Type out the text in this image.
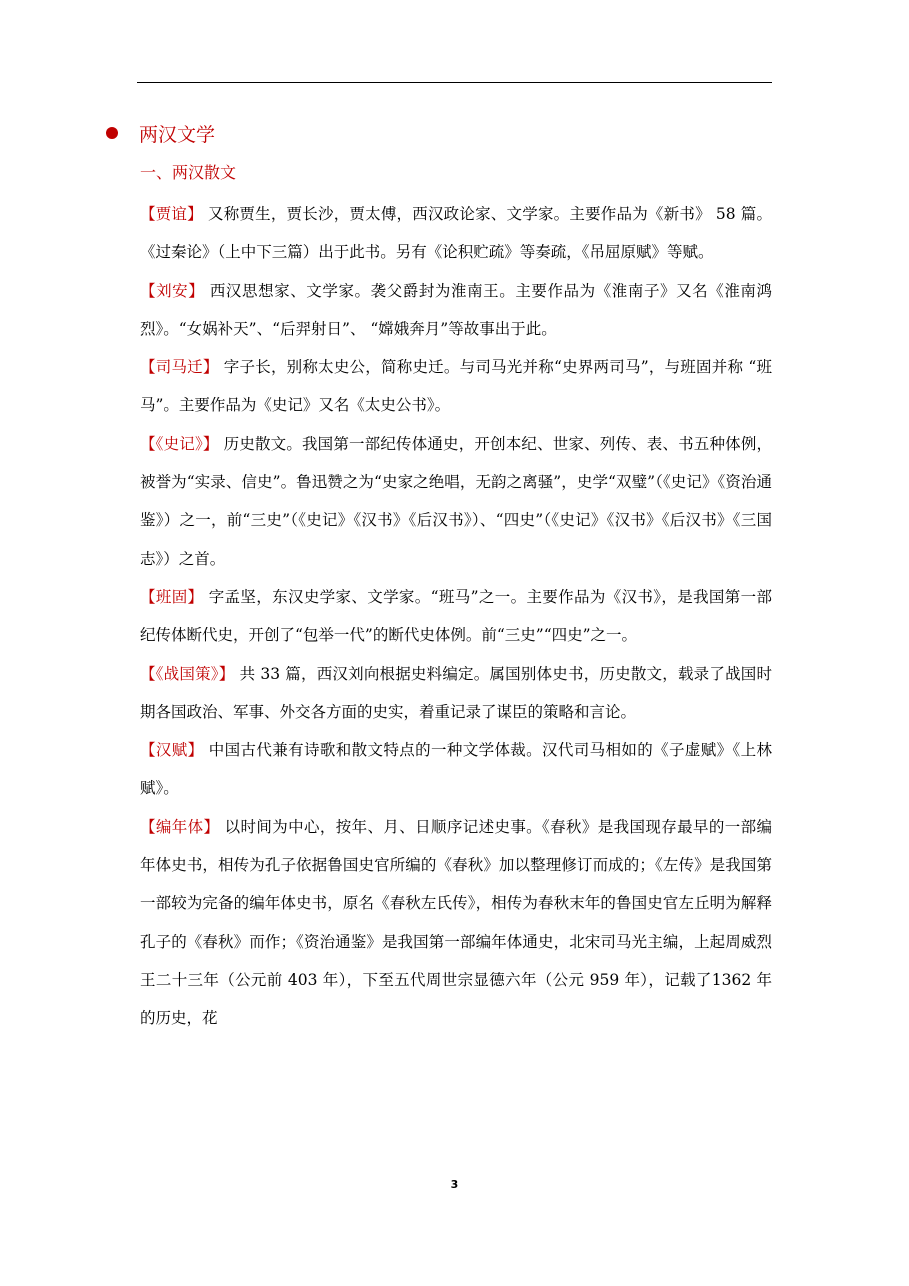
两汉文学
一、两汉散文

【贾谊】 又称贾生，贾长沙，贾太傅，西汉政论家、文学家。主要作品为《新书》 58 篇。《过秦论》（上中下三篇）出于此书。另有《论积贮疏》等奏疏，《吊屈原赋》等赋。

【刘安】 西汉思想家、文学家。袭父爵封为淮南王。主要作品为《淮南子》又名《淮南鸿烈》。“女娲补天”、“后羿射日”、 “嫦娥奔月”等故事出于此。

【司马迁】 字子长，别称太史公，简称史迁。与司马光并称“史界两司马”，与班固并称 “班马”。主要作品为《史记》又名《太史公书》。

【《史记》】 历史散文。我国第一部纪传体通史，开创本纪、世家、列传、表、书五种体例，被誉为“实录、信史”。鲁迅赞之为“史家之绝唱，无韵之离骚”，史学“双璧”（《史记》《资治通鉴》）之一，前“三史”（《史记》《汉书》《后汉书》）、“四史”（《史记》《汉书》《后汉书》《三国志》）之首。

【班固】 字孟坚，东汉史学家、文学家。“班马”之一。主要作品为《汉书》，是我国第一部纪传体断代史，开创了“包举一代”的断代史体例。前“三史”“四史”之一。

【《战国策》】 共 33 篇，西汉刘向根据史料编定。属国别体史书，历史散文，载录了战国时期各国政治、军事、外交各方面的史实，着重记录了谋臣的策略和言论。

【汉赋】 中国古代兼有诗歌和散文特点的一种文学体裁。汉代司马相如的《子虚赋》《上林赋》。

【编年体】 以时间为中心，按年、月、日顺序记述史事。《春秋》是我国现存最早的一部编年体史书，相传为孔子依据鲁国史官所编的《春秋》加以整理修订而成的；《左传》是我国第一部较为完备的编年体史书，原名《春秋左氏传》，相传为春秋末年的鲁国史官左丘明为解释孔子的《春秋》而作；《资治通鉴》是我国第一部编年体通史，北宋司马光主编，上起周威烈王二十三年（公元前 403 年），下至五代周世宗显德六年（公元 959 年），记载了1362 年的历史，花

3
